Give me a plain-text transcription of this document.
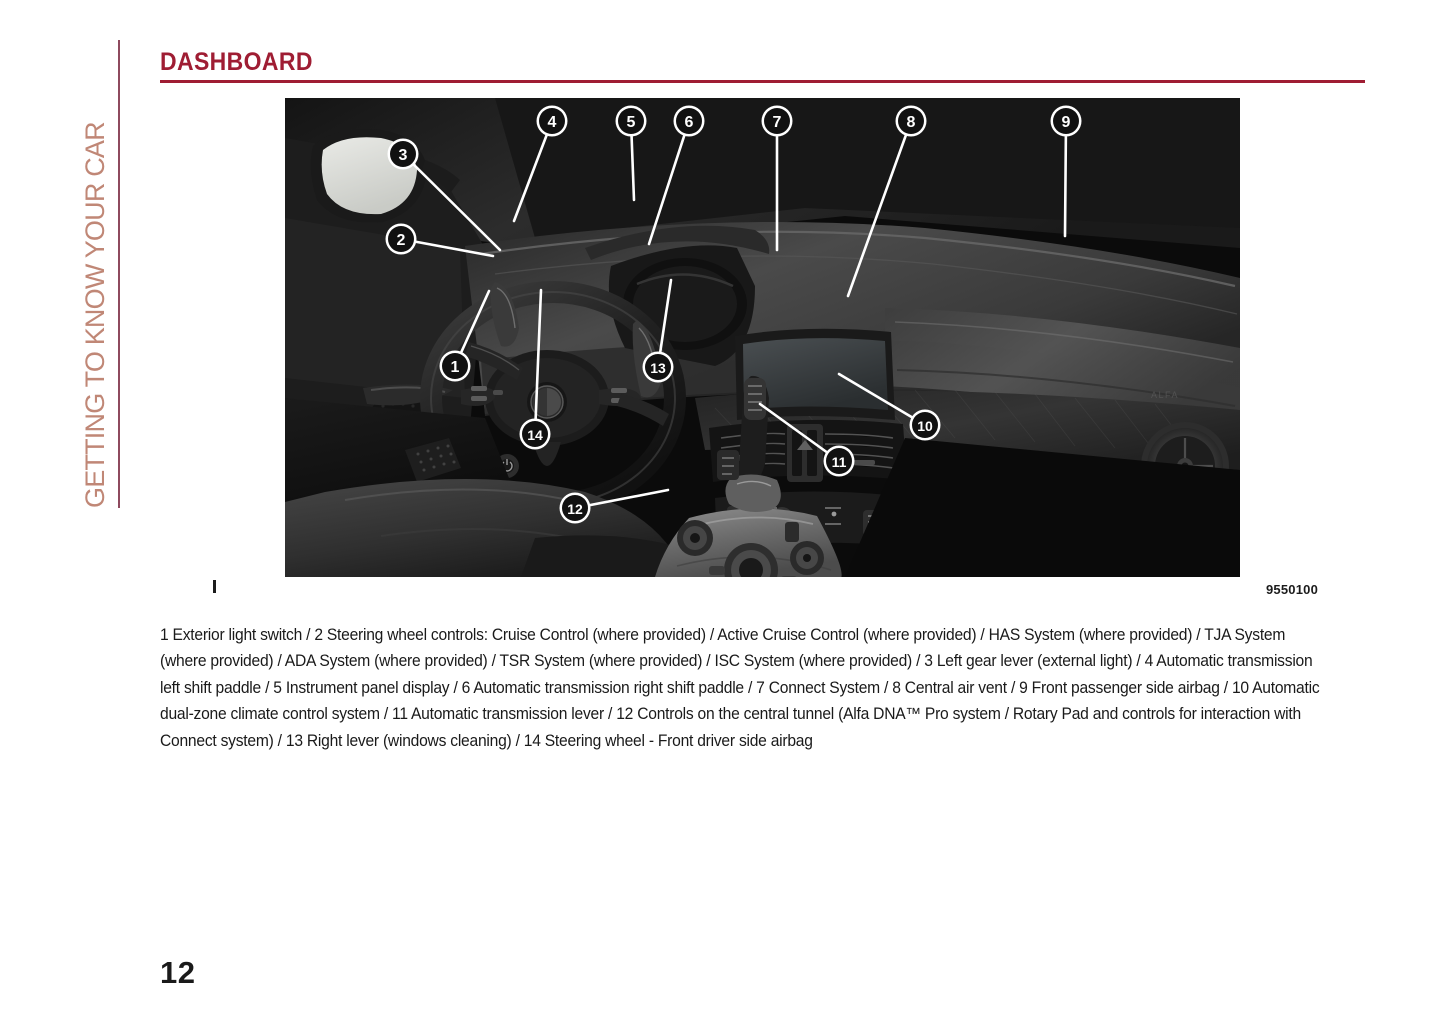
GETTING TO KNOW YOUR CAR
DASHBOARD
ALFA
1
2
3
4	5	6	7	8	9
10
11
12
13
14
9550100
1 Exterior light switch / 2 Steering wheel controls: Cruise Control (where provided) / Active Cruise Control (where provided) / HAS System (where provided) / TJA System (where provided) / ADA System (where provided) / TSR System (where provided) / ISC System (where provided) / 3 Left gear lever (external light) / 4 Automatic transmission left shift paddle / 5 Instrument panel display / 6 Automatic transmission right shift paddle / 7 Connect System / 8 Central air vent / 9 Front passenger side airbag / 10 Automatic dual-zone climate control system / 11 Automatic transmission lever / 12 Controls on the central tunnel (Alfa DNA™ Pro system / Rotary Pad and controls for interaction with Connect system) / 13 Right lever (windows cleaning) / 14 Steering wheel - Front driver side airbag
12
